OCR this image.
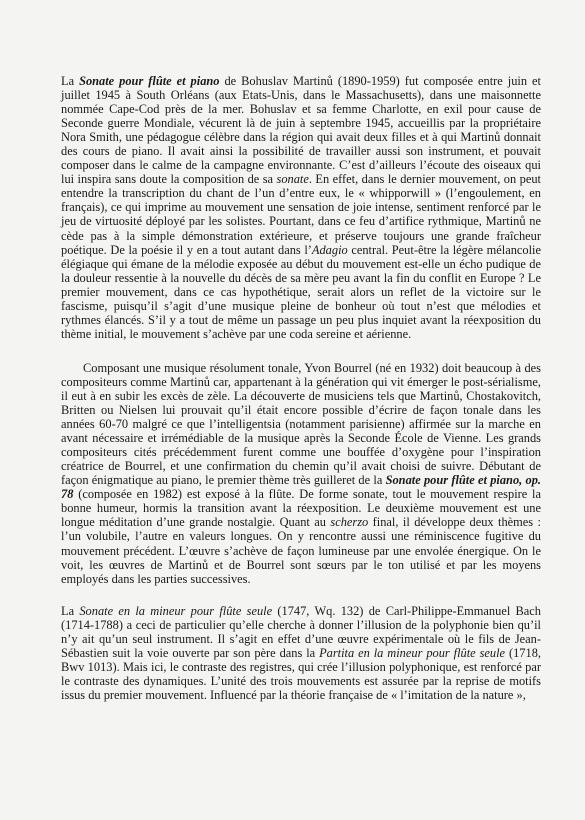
La Sonate pour flûte et piano de Bohuslav Martinů (1890-1959) fut composée entre juin et juillet 1945 à South Orléans (aux Etats-Unis, dans le Massachusetts), dans une maisonnette nommée Cape-Cod près de la mer. Bohuslav et sa femme Charlotte, en exil pour cause de Seconde guerre Mondiale, vécurent là de juin à septembre 1945, accueillis par la propriétaire Nora Smith, une pédagogue célèbre dans la région qui avait deux filles et à qui Martinů donnait des cours de piano. Il avait ainsi la possibilité de travailler aussi son instrument, et pouvait composer dans le calme de la campagne environnante. C’est d’ailleurs l’écoute des oiseaux qui lui inspira sans doute la composition de sa sonate. En effet, dans le dernier mouvement, on peut entendre la transcription du chant de l’un d’entre eux, le « whipporwill » (l’engoulement, en français), ce qui imprime au mouvement une sensation de joie intense, sentiment renforcé par le jeu de virtuosité déployé par les solistes. Pourtant, dans ce feu d’artifice rythmique, Martinů ne cède pas à la simple démonstration extérieure, et préserve toujours une grande fraîcheur poétique. De la poésie il y en a tout autant dans l’Adagio central. Peut-être la légère mélancolie élégiaque qui émane de la mélodie exposée au début du mouvement est-elle un écho pudique de la douleur ressentie à la nouvelle du décès de sa mère peu avant la fin du conflit en Europe ? Le premier mouvement, dans ce cas hypothétique, serait alors un reflet de la victoire sur le fascisme, puisqu’il s’agit d’une musique pleine de bonheur où tout n’est que mélodies et rythmes élancés. S’il y a tout de même un passage un peu plus inquiet avant la réexposition du thème initial, le mouvement s’achève par une coda sereine et aérienne.

Composant une musique résolument tonale, Yvon Bourrel (né en 1932) doit beaucoup à des compositeurs comme Martinů car, appartenant à la génération qui vit émerger le post-sérialisme, il eut à en subir les excès de zèle. La découverte de musiciens tels que Martinů, Chostakovitch, Britten ou Nielsen lui prouvait qu’il était encore possible d’écrire de façon tonale dans les années 60-70 malgré ce que l’intelligentsia (notamment parisienne) affirmée sur la marche en avant nécessaire et irrémédiable de la musique après la Seconde École de Vienne. Les grands compositeurs cités précédemment furent comme une bouffée d’oxygène pour l’inspiration créatrice de Bourrel, et une confirmation du chemin qu’il avait choisi de suivre. Débutant de façon énigmatique au piano, le premier thème très guilleret de la Sonate pour flûte et piano, op. 78 (composée en 1982) est exposé à la flûte. De forme sonate, tout le mouvement respire la bonne humeur, hormis la transition avant la réexposition. Le deuxième mouvement est une longue méditation d’une grande nostalgie. Quant au scherzo final, il développe deux thèmes : l’un volubile, l’autre en valeurs longues. On y rencontre aussi une réminiscence fugitive du mouvement précédent. L’œuvre s’achève de façon lumineuse par une envolée énergique. On le voit, les œuvres de Martinů et de Bourrel sont sœurs par le ton utilisé et par les moyens employés dans les parties successives.

La Sonate en la mineur pour flûte seule (1747, Wq. 132) de Carl-Philippe-Emmanuel Bach (1714-1788) a ceci de particulier qu’elle cherche à donner l’illusion de la polyphonie bien qu’il n’y ait qu’un seul instrument. Il s’agit en effet d’une œuvre expérimentale où le fils de Jean-Sébastien suit la voie ouverte par son père dans la Partita en la mineur pour flûte seule (1718, Bwv 1013). Mais ici, le contraste des registres, qui crée l’illusion polyphonique, est renforcé par le contraste des dynamiques. L’unité des trois mouvements est assurée par la reprise de motifs issus du premier mouvement. Influencé par la théorie française de « l’imitation de la nature »,
